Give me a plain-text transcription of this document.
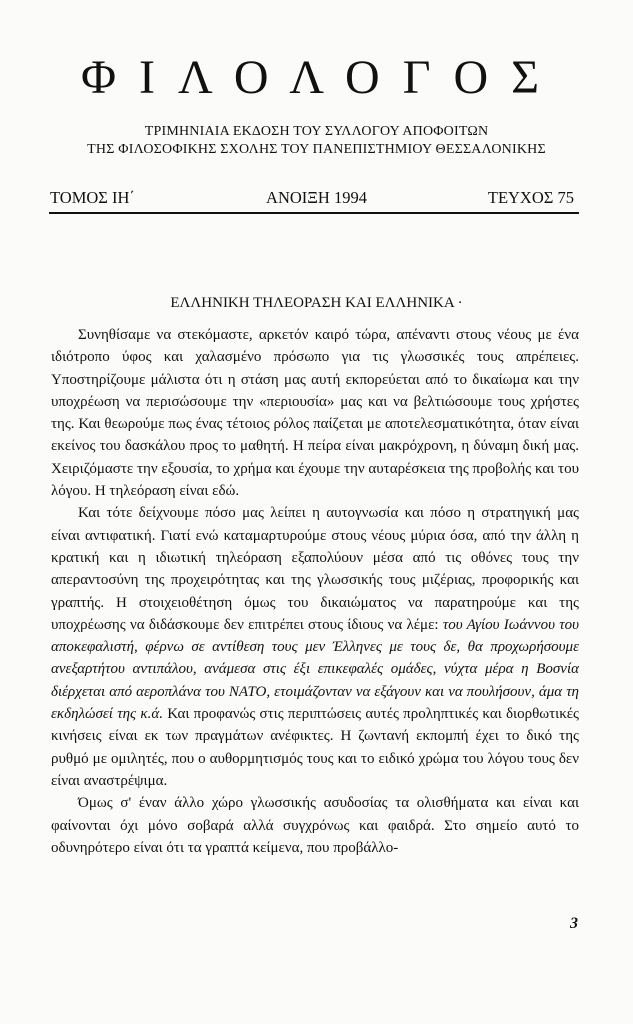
ΦΙΛΟΛΟΓΟΣ
ΤΡΙΜΗΝΙΑΙΑ ΕΚΔΟΣΗ ΤΟΥ ΣΥΛΛΟΓΟΥ ΑΠΟΦΟΙΤΩΝ
ΤΗΣ ΦΙΛΟΣΟΦΙΚΗΣ ΣΧΟΛΗΣ ΤΟΥ ΠΑΝΕΠΙΣΤΗΜΙΟΥ ΘΕΣΣΑΛΟΝΙΚΗΣ
ΤΟΜΟΣ ΙΗ΄	ΑΝΟΙΞΗ 1994	ΤΕΥΧΟΣ 75
ΕΛΛΗΝΙΚΗ ΤΗΛΕΟΡΑΣΗ ΚΑΙ ΕΛΛΗΝΙΚΑ ·

Συνηθίσαμε να στεκόμαστε, αρκετόν καιρό τώρα, απέναντι στους νέους με ένα ιδιότροπο ύφος και χαλασμένο πρόσωπο για τις γλωσσικές τους απρέπειες. Υποστηρίζουμε μάλιστα ότι η στάση μας αυτή εκπορεύεται από το δικαίωμα και την υποχρέωση να περισώσουμε την «περιουσία» μας και να βελτιώσουμε τους χρήστες της. Και θεωρούμε πως ένας τέτοιος ρόλος παίζεται με αποτελεσματικότητα, όταν είναι εκείνος του δασκάλου προς το μαθητή. Η πείρα είναι μακρόχρονη, η δύναμη δική μας. Χειριζόμαστε την εξουσία, το χρήμα και έχουμε την αυταρέσκεια της προβολής και του λόγου. Η τηλεόραση είναι εδώ.

Και τότε δείχνουμε πόσο μας λείπει η αυτογνωσία και πόσο η στρατηγική μας είναι αντιφατική. Γιατί ενώ καταμαρτυρούμε στους νέους μύρια όσα, από την άλλη η κρατική και η ιδιωτική τηλεόραση εξαπολύουν μέσα από τις οθόνες τους την απεραντοσύνη της προχειρότητας και της γλωσσικής τους μιζέριας, προφορικής και γραπτής. Η στοιχειοθέτηση όμως του δικαιώματος να παρατηρούμε και της υποχρέωσης να διδάσκουμε δεν επιτρέπει στους ίδιους να λέμε: του Αγίου Ιωάννου του αποκεφαλιστή, φέρνω σε αντίθεση τους μεν Έλληνες με τους δε, θα προχωρήσουμε ανεξαρτήτου αντιπάλου, ανάμεσα στις έξι επικεφαλές ομάδες, νύχτα μέρα η Βοσνία διέρχεται από αεροπλάνα του ΝΑΤΟ, ετοιμάζονταν να εξάγουν και να πουλήσουν, άμα τη εκδηλώσεί της κ.ά. Και προφανώς στις περιπτώσεις αυτές προληπτικές και διορθωτικές κινήσεις είναι εκ των πραγμάτων ανέφικτες. Η ζωντανή εκπομπή έχει το δικό της ρυθμό με ομιλητές, που ο αυθορμητισμός τους και το ειδικό χρώμα του λόγου τους δεν είναι αναστρέψιμα.

Όμως σ' έναν άλλο χώρο γλωσσικής ασυδοσίας τα ολισθήματα και είναι και φαίνονται όχι μόνο σοβαρά αλλά συγχρόνως και φαιδρά. Στο σημείο αυτό το οδυνηρότερο είναι ότι τα γραπτά κείμενα, που προβάλλο-

3
